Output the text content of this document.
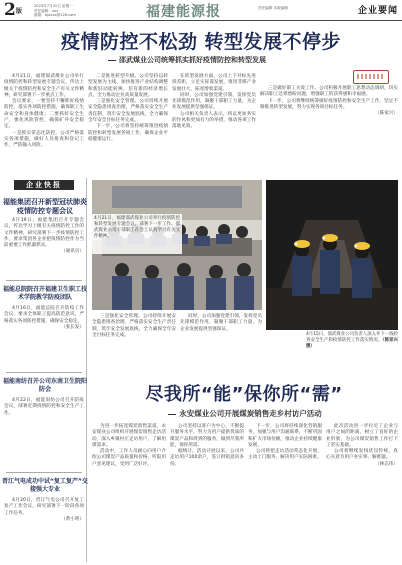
2 版
2023年7月31日 星期一
责任编辑：xxx
邮箱：bjxxxx@126.com	福建能源报	责任编辑 本版编辑	企业要闻
疫情防控不松劲 转型发展不停步
邵武煤业公司统筹抓实抓好疫情防控和转型发展

4月21日，福建邵武煤业公司举行疫情防控和转型发展专题会议，传达上级关于疫情防控和安全生产有关文件精神，研究部署下一步重点工作。

会议要求，一要坚持不懈抓好疫情防控，落实各项防控措施，确保职工生命安全和身体健康；二要抓好安全生产，强化风险管控，确保矿井安全稳定。

一是抓实常态化防控。公司严格落实各项措施，做好人员排查和登记工作，严防输入风险。

二是推进转型升级。公司坚持以转型发展为主线，加快推进产业结构调整和新旧动能转换，培育新的经济增长点，全力推动企业高质量发展。

三是强化安全管理。公司持续开展安全隐患排查治理，严格落实安全生产责任制，筑牢安全发展底线，全力确保全年安全目标任务完成。

下一步，公司将坚持统筹推进疫情防控和转型发展各项工作，确保企业平稳健康运行。

在转型发展方面，公司上下对标先进找差距，立足实际谋发展，推进非煤产业发展壮大，拓宽增收渠道。

同时，公司加强党建引领，发挥党员先锋模范作用，凝聚干部职工力量，为企业发展提供坚强保证。

公司相关负责人表示，将以更加务实的作风和更加有力的举措，推动各项工作落地见效。

三是做好职工关爱工作。公司积极开展职工思想动态调研，切实解决职工急难愁盼问题，增强职工的获得感和幸福感。

下一步，公司将继续统筹做好疫情防控和安全生产工作，坚定不移推进转型发展，努力实现各项目标任务。

（陈家兴）

企业快报
福能集团召开新型冠状肺炎疫情防控专题会议

4月19日，福能集团召开专题会议，传达学习上级有关疫情防控工作的文件精神，研究部署下一步疫情防控工作，要求集团各企业把疫情防控作为当前重要工作抓紧抓实。

（通讯员）

福能总院院召开福建卫生职工技术学院教学防疫团队

4月16日，福能总院召开防疫工作会议，要求全体职工提高防范意识，严格落实各项防控措施，确保安全稳定。

（张长发）

福能南纺召开公司东南卫生院阳防会

4月22日，福能南纺公司召开防疫会议，部署近期疫情防控和安全生产工作。

晋江气电成功中试“复工复产”交接强大专业

4月20日，晋江气电公司召开复工复产工作会议，研究部署下一阶段各项工作任务。

（黄小明）

4月21日，福建邵武煤业公司举行疫情防控和转型发展专题会议，部署下一步工作。邵武煤业公司干部职工在会上认真学习有关文件精神。
4月15日，邵武煤业公司负责人深入井下一线检查安全生产和疫情防控工作落实情况。（陈家兴 摄）

三是强化安全管理。公司持续开展安全隐患排查治理，严格落实安全生产责任制，筑牢安全发展底线，全力确保全年安全目标任务完成。

同时，公司加强党建引领，发挥党员先锋模范作用，凝聚干部职工力量，为企业发展提供坚强保证。

尽我所“能”保你所“需”
永安煤业公司开展煤炭销售走乡村访户活动

为进一步拓宽煤炭销售渠道，永安煤业公司组织开展煤炭销售走访活动，深入乡镇村庄走访用户，了解用煤需求。

活动中，工作人员耐心向用户介绍公司煤炭产品质量和价格，听取用户意见建议，受到广泛好评。

公司坚持以客户为中心，不断提升服务水平，努力为用户提供优质的煤炭产品和周到的服务，做到尽我所能，保你所需。

据统计，活动开展以来，公司共走访用户100余户，签订供销意向多份。

下一步，公司将持续深化营销服务，加强与用户沟通联系，不断巩固和扩大市场份额，推动企业持续健康发展。

公司将把走访活动常态化开展，主动上门服务，解决用户实际困难。

此次活动进一步拉近了企业与用户之间的距离，树立了良好的企业形象，为公司煤炭销售工作打下了坚实基础。

公司将继续发扬优良传统，真心实意为用户办实事、解难题。

（林志伟）
